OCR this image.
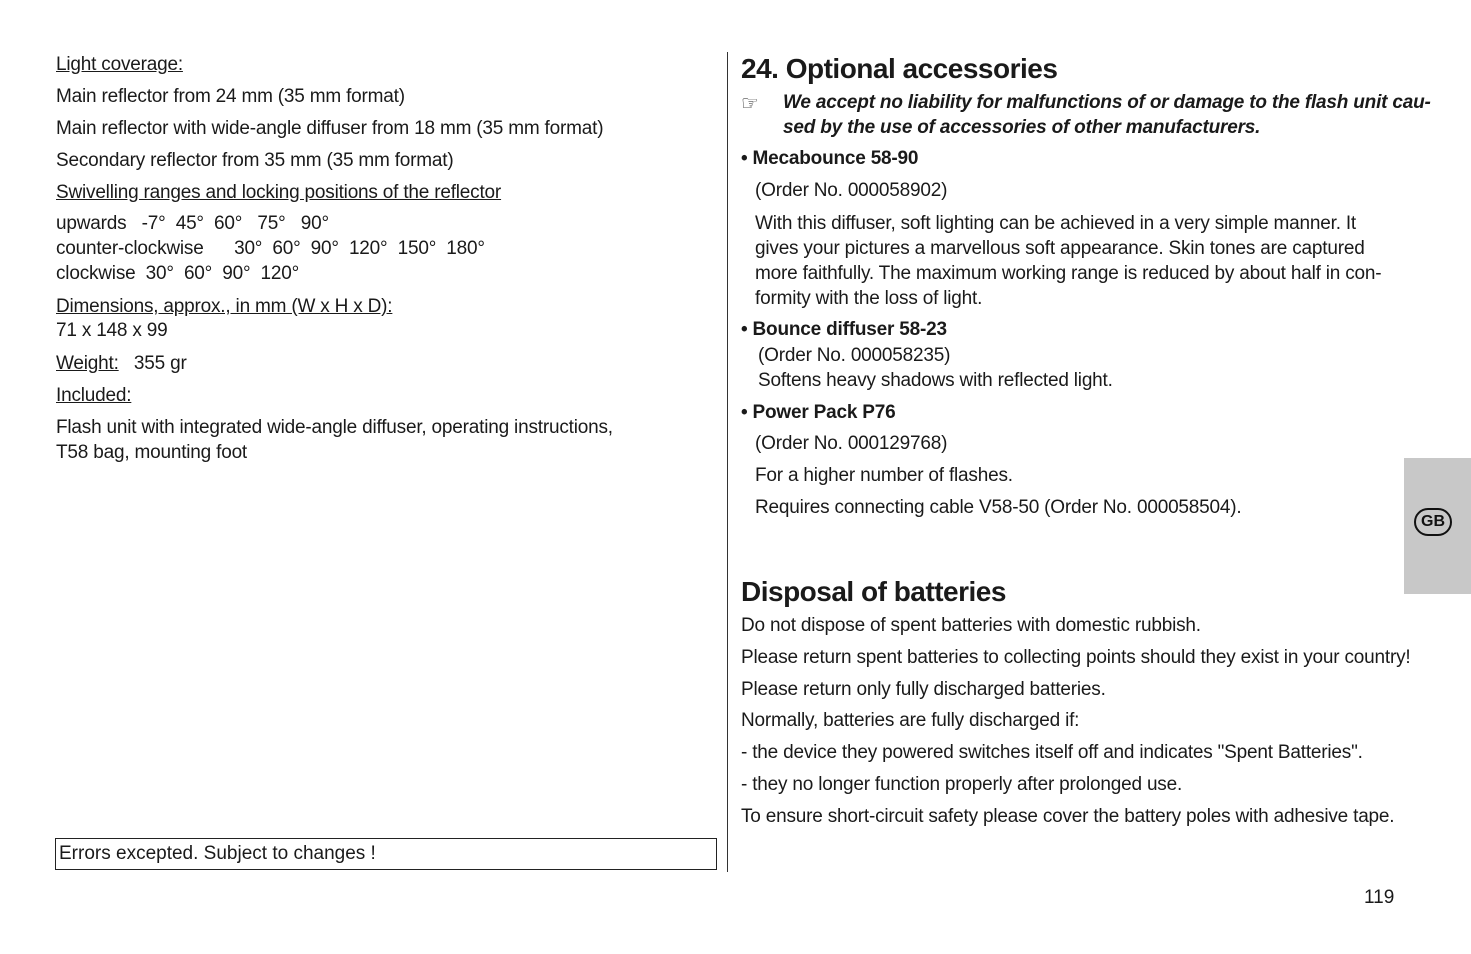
Light coverage:
Main reflector from 24 mm (35 mm format)
Main reflector with wide-angle diffuser from 18 mm (35 mm format)
Secondary reflector from 35 mm (35 mm format)
Swivelling ranges and locking positions of the reflector
upwards   -7°  45°  60°   75°   90°
counter-clockwise      30°  60°  90°  120°  150°  180°
clockwise  30°  60°  90°  120°
Dimensions, approx., in mm (W x H x D):
71 x 148 x 99
Weight: 355 gr
Included:
Flash unit with integrated wide-angle diffuser, operating instructions,
T58 bag, mounting foot
Errors excepted. Subject to changes !
24. Optional accessories
☞ We accept no liability for malfunctions of or damage to the flash unit cau-
sed by the use of accessories of other manufacturers.
• Mecabounce 58-90
(Order No. 000058902)
With this diffuser, soft lighting can be achieved in a very simple manner. It
gives your pictures a marvellous soft appearance. Skin tones are captured
more faithfully. The maximum working range is reduced by about half in con-
formity with the loss of light.
• Bounce diffuser 58-23
(Order No. 000058235)
Softens heavy shadows with reflected light.
• Power Pack P76
(Order No. 000129768)
For a higher number of flashes.
Requires connecting cable V58-50 (Order No. 000058504).
Disposal of batteries
Do not dispose of spent batteries with domestic rubbish.
Please return spent batteries to collecting points should they exist in your country!
Please return only fully discharged batteries.
Normally, batteries are fully discharged if:
- the device they powered switches itself off and indicates "Spent Batteries".
- they no longer function properly after prolonged use.
To ensure short-circuit safety please cover the battery poles with adhesive tape.
GB
119
